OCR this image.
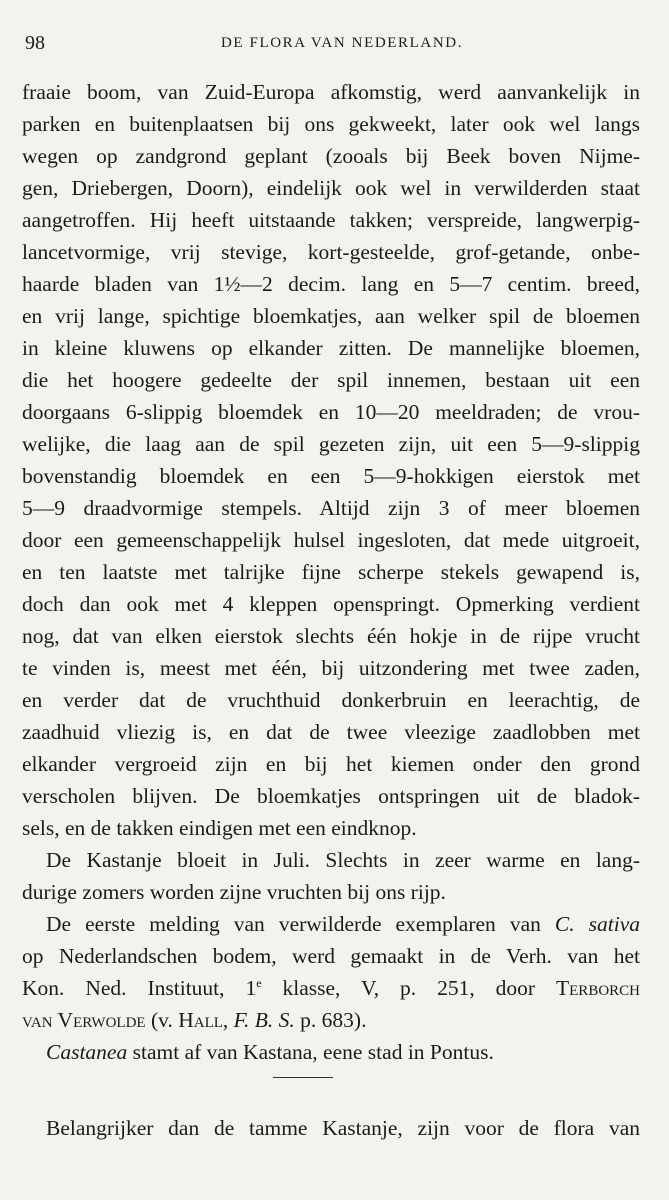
98	DE FLORA VAN NEDERLAND.
fraaie boom, van Zuid-Europa afkomstig, werd aanvankelijk in
parken en buitenplaatsen bij ons gekweekt, later ook wel langs
wegen op zandgrond geplant (zooals bij Beek boven Nijme-
gen, Driebergen, Doorn), eindelijk ook wel in verwilderden staat
aangetroffen. Hij heeft uitstaande takken; verspreide, langwerpig-
lancetvormige, vrij stevige, kort-gesteelde, grof-getande, onbe-
haarde bladen van 1½—2 decim. lang en 5—7 centim. breed,
en vrij lange, spichtige bloemkatjes, aan welker spil de bloemen
in kleine kluwens op elkander zitten. De mannelijke bloemen,
die het hoogere gedeelte der spil innemen, bestaan uit een
doorgaans 6-slippig bloemdek en 10—20 meeldraden; de vrou-
welijke, die laag aan de spil gezeten zijn, uit een 5—9-slippig
bovenstandig bloemdek en een 5—9-hokkigen eierstok met
5—9 draadvormige stempels. Altijd zijn 3 of meer bloemen
door een gemeenschappelijk hulsel ingesloten, dat mede uitgroeit,
en ten laatste met talrijke fijne scherpe stekels gewapend is,
doch dan ook met 4 kleppen openspringt. Opmerking verdient
nog, dat van elken eierstok slechts één hokje in de rijpe vrucht
te vinden is, meest met één, bij uitzondering met twee zaden,
en verder dat de vruchthuid donkerbruin en leerachtig, de
zaadhuid vliezig is, en dat de twee vleezige zaadlobben met
elkander vergroeid zijn en bij het kiemen onder den grond
verscholen blijven. De bloemkatjes ontspringen uit de bladok-
sels, en de takken eindigen met een eindknop.
De Kastanje bloeit in Juli. Slechts in zeer warme en lang-
durige zomers worden zijne vruchten bij ons rijp.
De eerste melding van verwilderde exemplaren van C. sativa
op Nederlandschen bodem, werd gemaakt in de Verh. van het
Kon. Ned. Instituut, 1e klasse, V, p. 251, door Terborch
van Verwolde (v. Hall, F. B. S. p. 683).
Castanea stamt af van Kastana, eene stad in Pontus.
Belangrijker dan de tamme Kastanje, zijn voor de flora van
